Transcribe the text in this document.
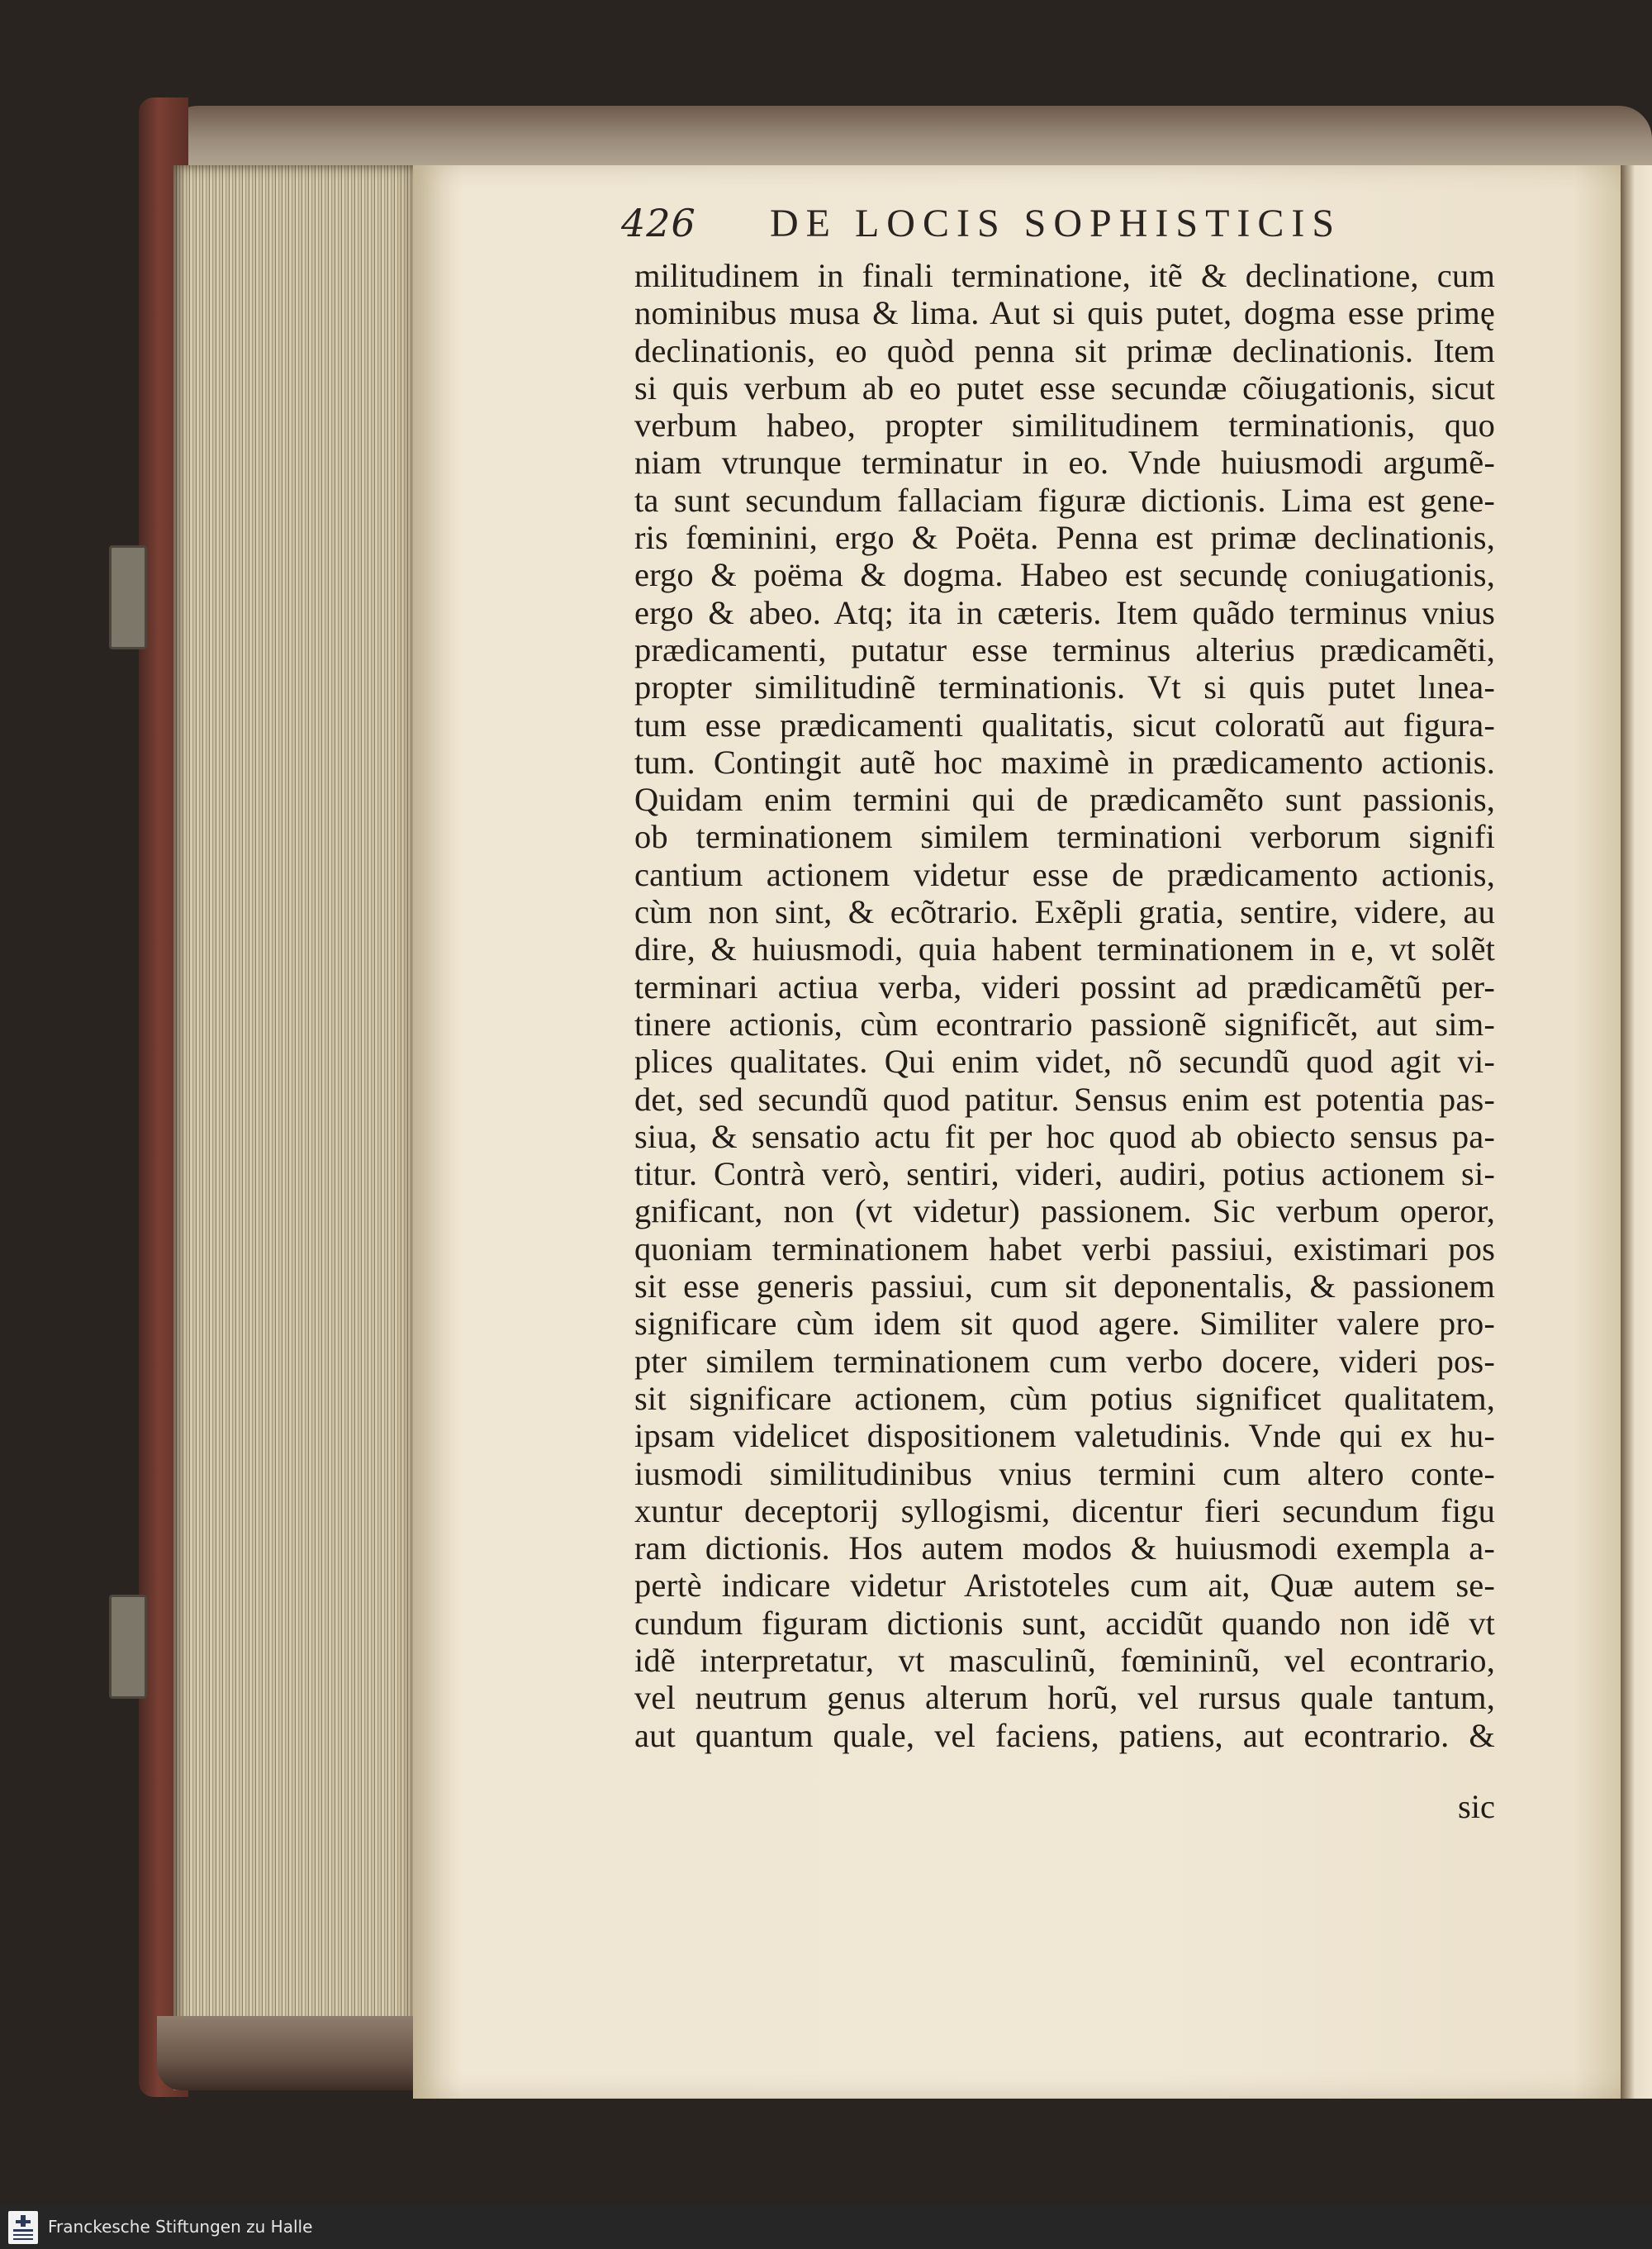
426 DE LOCIS SOPHISTICIS
militudinem in finali terminatione, itẽ & declinatione, cum
nominibus musa & lima. Aut si quis putet, dogma esse primę
declinationis, eo quòd penna sit primæ declinationis. Item
si quis verbum ab eo putet esse secundæ cõiugationis, sicut
verbum habeo, propter similitudinem terminationis, quo
niam vtrunque terminatur in eo. Vnde huiusmodi argumẽ-
ta sunt secundum fallaciam figuræ dictionis. Lima est gene-
ris fœminini, ergo & Poëta. Penna est primæ declinationis,
ergo & poëma & dogma. Habeo est secundę coniugationis,
ergo & abeo. Atq; ita in cæteris. Item quãdo terminus vnius
prædicamenti, putatur esse terminus alterius prædicamẽti,
propter similitudinẽ terminationis. Vt si quis putet lınea-
tum esse prædicamenti qualitatis, sicut coloratũ aut figura-
tum. Contingit autẽ hoc maximè in prædicamento actionis.
Quidam enim termini qui de prædicamẽto sunt passionis,
ob terminationem similem terminationi verborum signifi
cantium actionem videtur esse de prædicamento actionis,
cùm non sint, & ecõtrario. Exẽpli gratia, sentire, videre, au
dire, & huiusmodi, quia habent terminationem in e, vt solẽt
terminari actiua verba, videri possint ad prædicamẽtũ per-
tinere actionis, cùm econtrario passionẽ significẽt, aut sim-
plices qualitates. Qui enim videt, nõ secundũ quod agit vi-
det, sed secundũ quod patitur. Sensus enim est potentia pas-
siua, & sensatio actu fit per hoc quod ab obiecto sensus pa-
titur. Contrà verò, sentiri, videri, audiri, potius actionem si-
gnificant, non (vt videtur) passionem. Sic verbum operor,
quoniam terminationem habet verbi passiui, existimari pos
sit esse generis passiui, cum sit deponentalis, & passionem
significare cùm idem sit quod agere. Similiter valere pro-
pter similem terminationem cum verbo docere, videri pos-
sit significare actionem, cùm potius significet qualitatem,
ipsam videlicet dispositionem valetudinis. Vnde qui ex hu-
iusmodi similitudinibus vnius termini cum altero conte-
xuntur deceptorij syllogismi, dicentur fieri secundum figu
ram dictionis. Hos autem modos & huiusmodi exempla a-
pertè indicare videtur Aristoteles cum ait, Quæ autem se-
cundum figuram dictionis sunt, accidũt quando non idẽ vt
idẽ interpretatur, vt masculinũ, fœmininũ, vel econtrario,
vel neutrum genus alterum horũ, vel rursus quale tantum,
aut quantum quale, vel faciens, patiens, aut econtrario. &
sic
Franckesche Stiftungen zu Halle
